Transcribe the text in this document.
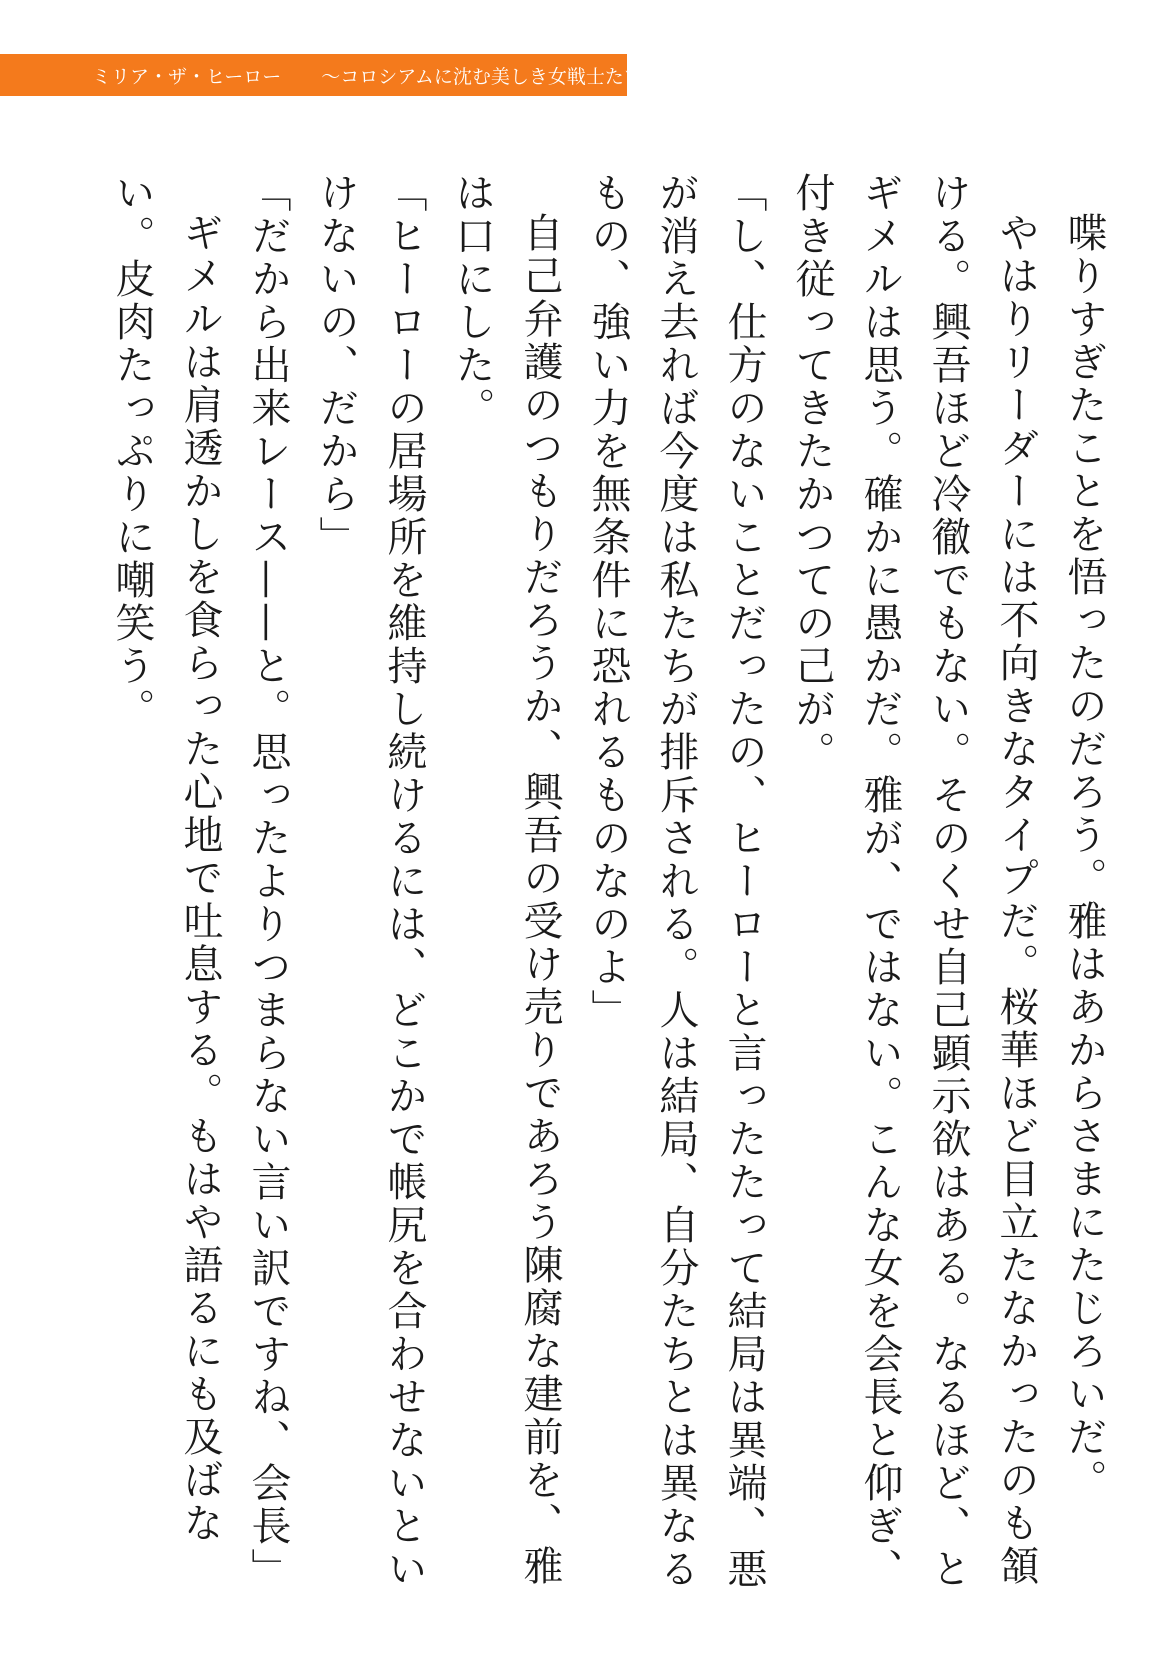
ミリア・ザ・ヒーロー 〜コロシアムに沈む美しき女戦士たち〜

喋りすぎたことを悟ったのだろう。雅はあからさまにたじろいだ。

やはりリーダーには不向きなタイプだ。桜華ほど目立たなかったのも頷ける。興吾ほど冷徹でもない。そのくせ自己顕示欲はある。なるほど、とギメルは思う。確かに愚かだ。雅が、ではない。こんな女を会長と仰ぎ、付き従ってきたかつての己が。

「し、仕方のないことだったの、ヒーローと言ったたって結局は異端、悪が消え去れば今度は私たちが排斥される。人は結局、自分たちとは異なるもの、強い力を無条件に恐れるものなのよ」

自己弁護のつもりだろうか、興吾の受け売りであろう陳腐な建前を、雅は口にした。

「ヒーローの居場所を維持し続けるには、どこかで帳尻を合わせないといけないの、だから」

「だから出来レース——と。思ったよりつまらない言い訳ですね、会長」

ギメルは肩透かしを食らった心地で吐息する。もはや語るにも及ばない。皮肉たっぷりに嘲笑う。
